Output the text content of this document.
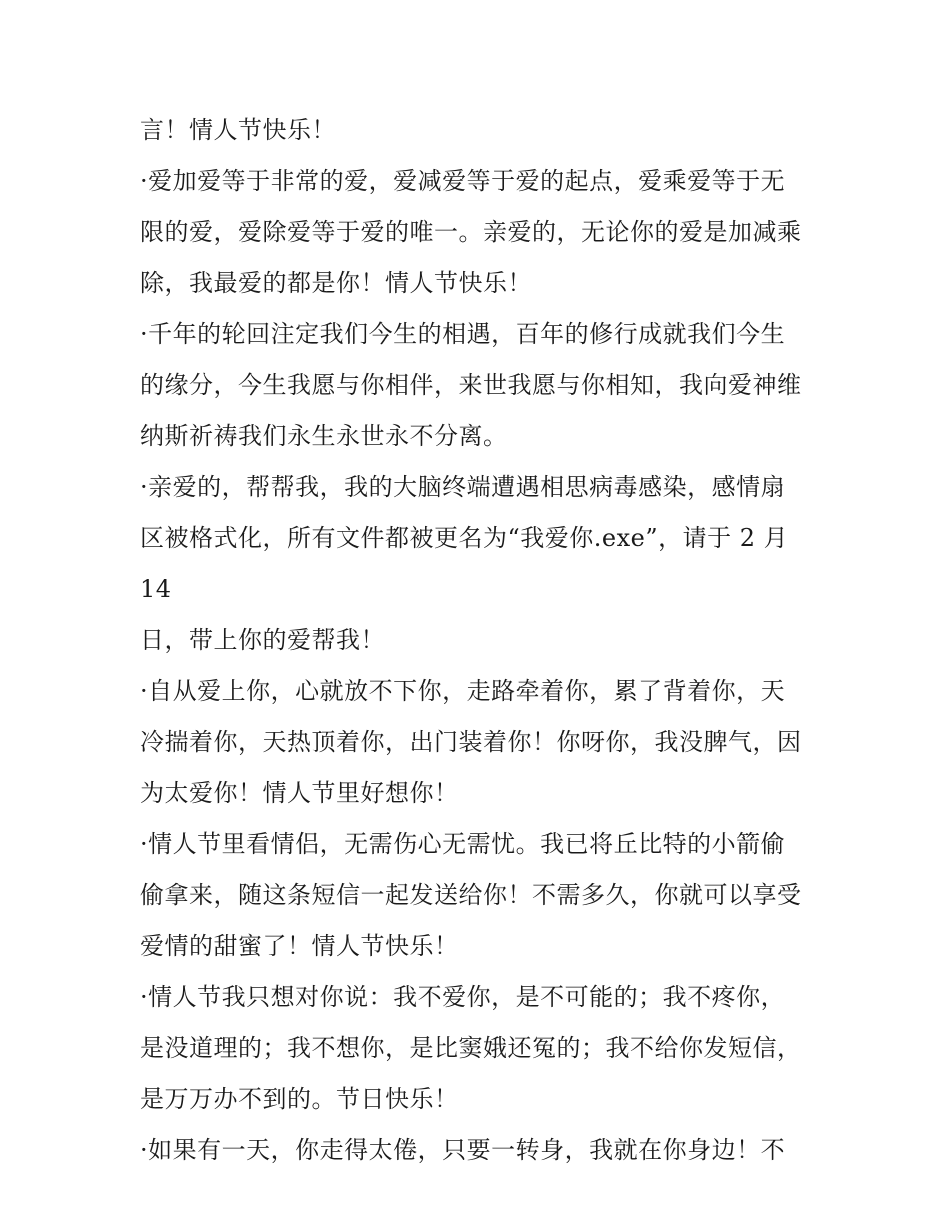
言！情人节快乐！

·爱加爱等于非常的爱，爱减爱等于爱的起点，爱乘爱等于无
限的爱，爱除爱等于爱的唯一。亲爱的，无论你的爱是加减乘
除，我最爱的都是你！情人节快乐！

·千年的轮回注定我们今生的相遇，百年的修行成就我们今生
的缘分，今生我愿与你相伴，来世我愿与你相知，我向爱神维
纳斯祈祷我们永生永世永不分离。

·亲爱的，帮帮我，我的大脑终端遭遇相思病毒感染，感情扇
区被格式化，所有文件都被更名为“我爱你.exe”，请于 2 月 14
日，带上你的爱帮我！

·自从爱上你，心就放不下你，走路牵着你，累了背着你，天
冷揣着你，天热顶着你，出门装着你！你呀你，我没脾气，因
为太爱你！情人节里好想你！

·情人节里看情侣，无需伤心无需忧。我已将丘比特的小箭偷
偷拿来，随这条短信一起发送给你！不需多久，你就可以享受
爱情的甜蜜了！情人节快乐！

·情人节我只想对你说：我不爱你，是不可能的；我不疼你，
是没道理的；我不想你，是比窦娥还冤的；我不给你发短信，
是万万办不到的。节日快乐！

·如果有一天，你走得太倦，只要一转身，我就在你身边！不
